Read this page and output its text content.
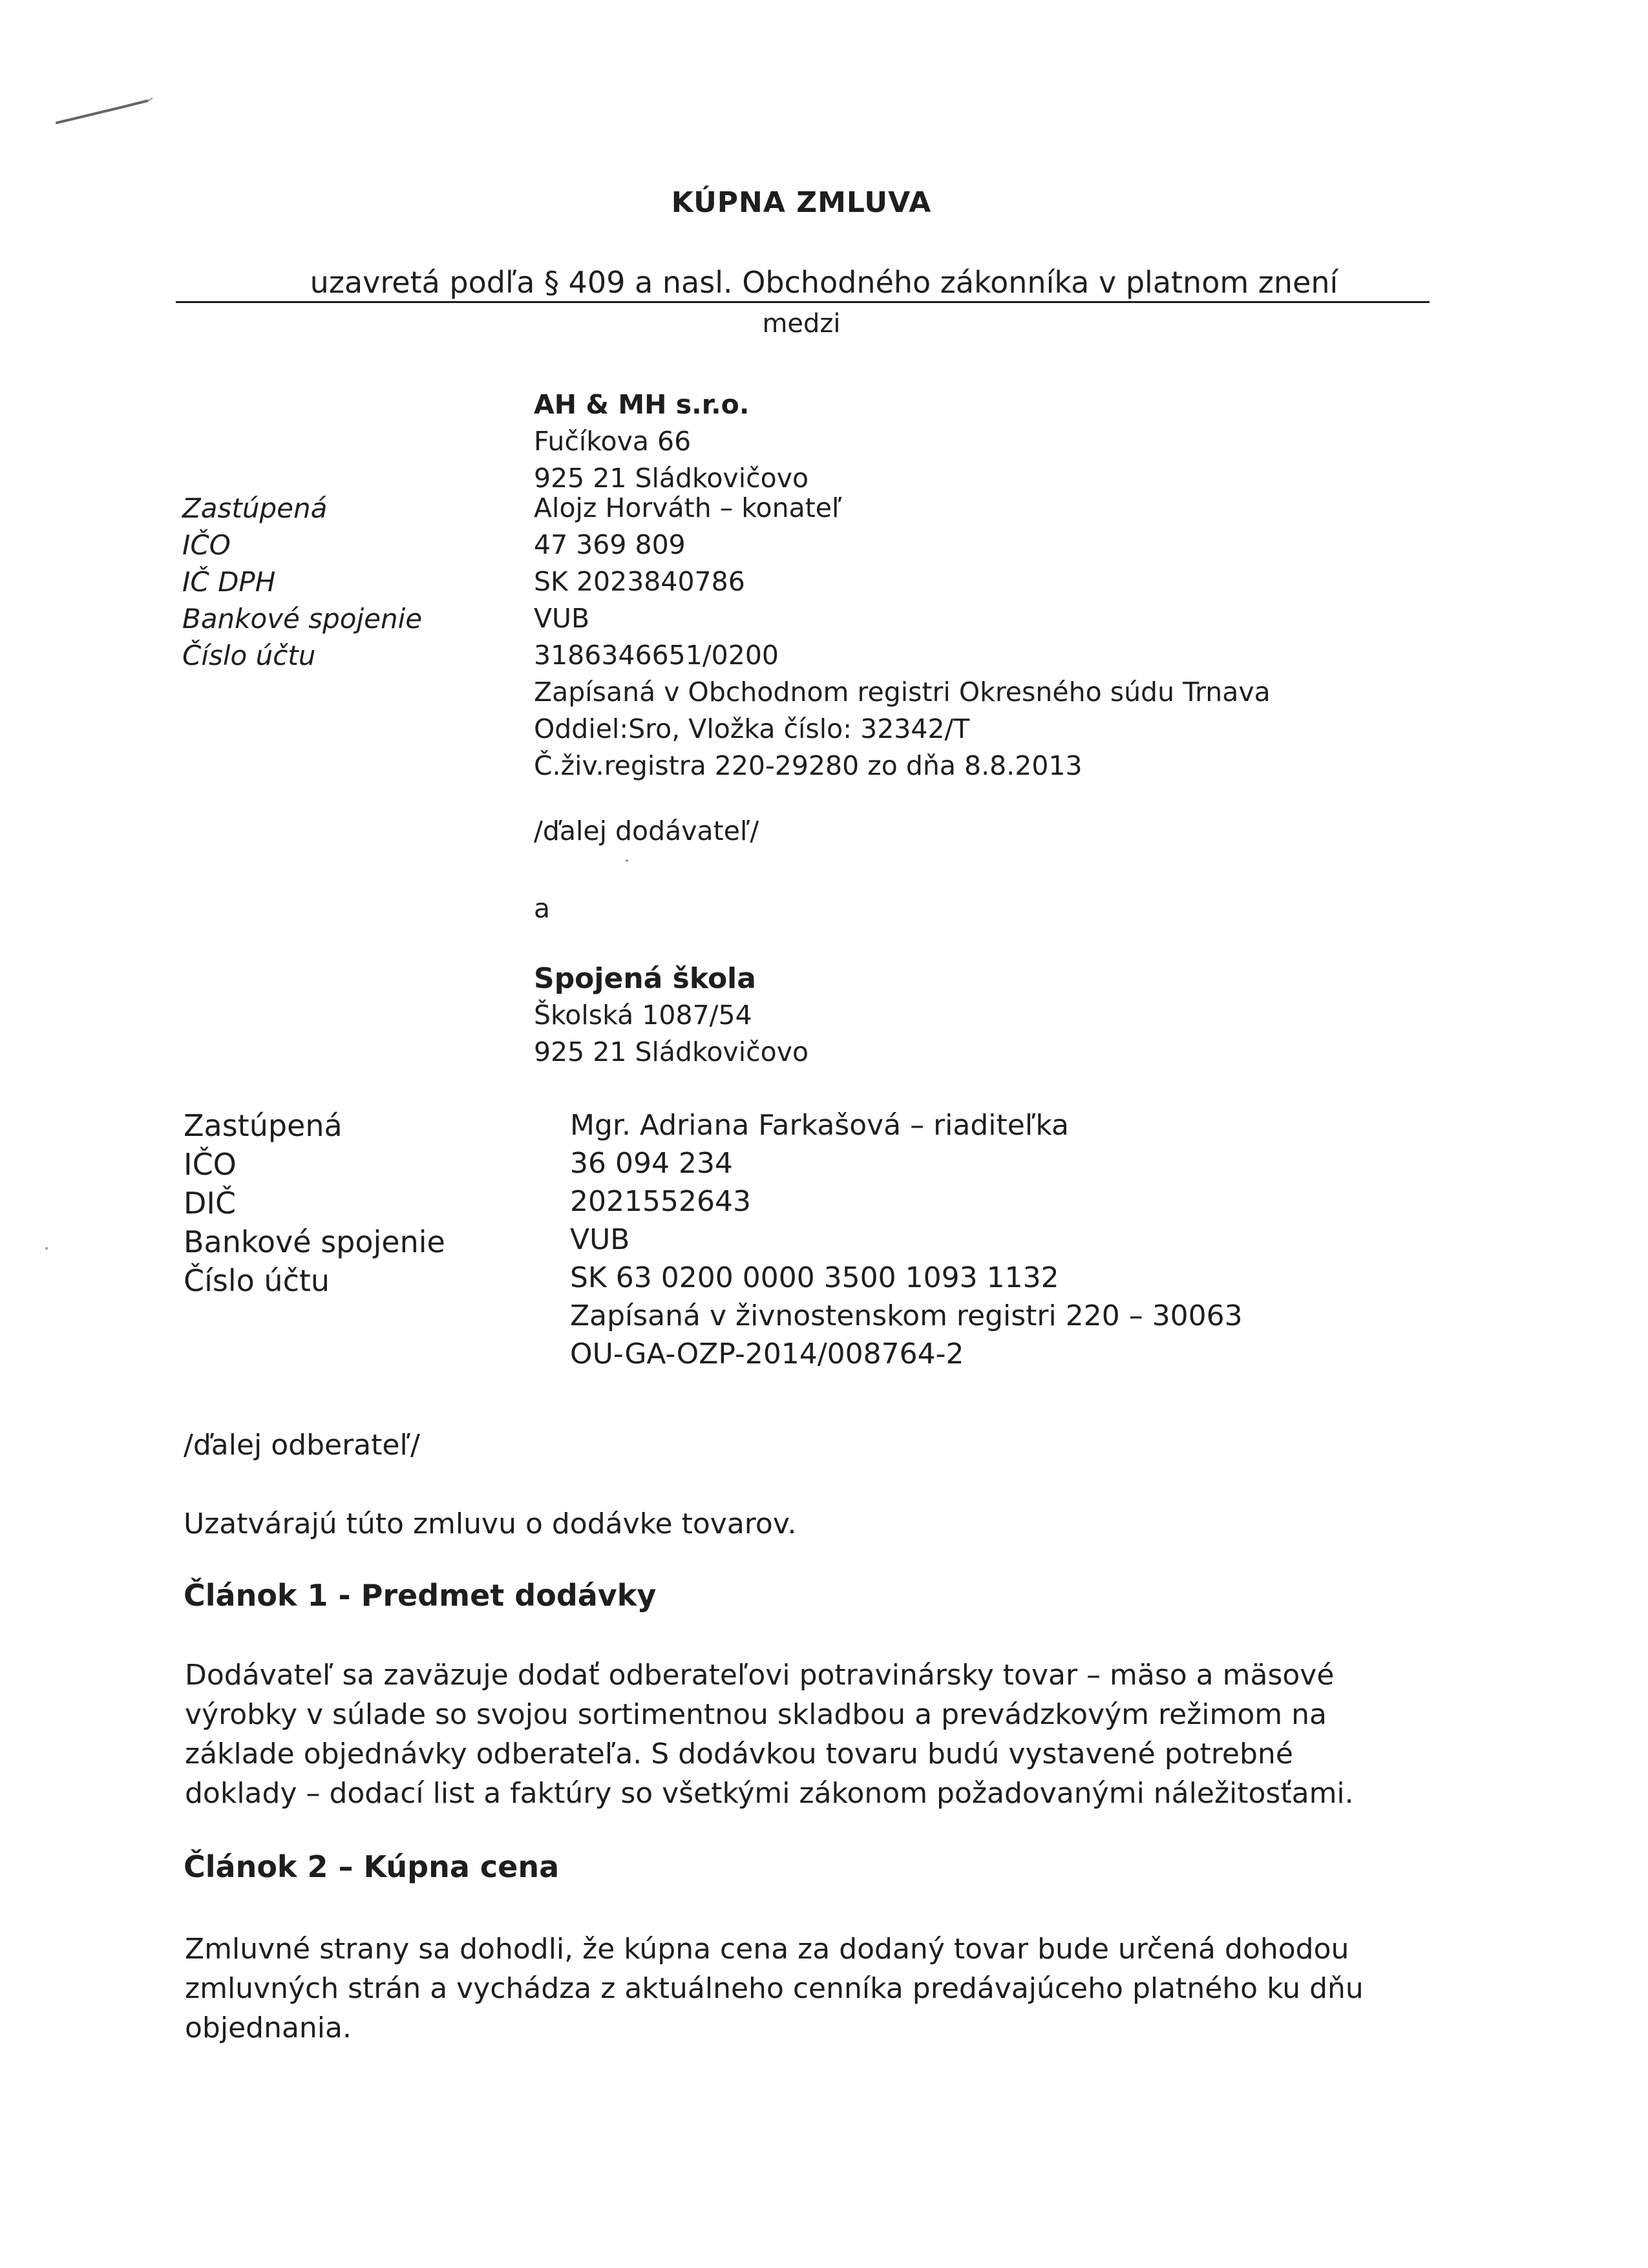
KÚPNA ZMLUVA
uzavretá podľa § 409 a nasl. Obchodného zákonníka v platnom znení
medzi
AH & MH s.r.o.
Fučíkova 66
925 21 Sládkovičovo
Zastúpená
IČO
IČ DPH
Bankové spojenie
Číslo účtu
Alojz Horváth – konateľ
47 369 809
SK 2023840786
VUB
3186346651/0200
Zapísaná v Obchodnom registri Okresného súdu Trnava
Oddiel:Sro, Vložka číslo: 32342/T
Č.živ.registra 220-29280 zo dňa 8.8.2013
/ďalej dodávateľ/
a
Spojená škola
Školská 1087/54
925 21 Sládkovičovo
Zastúpená
IČO
DIČ
Bankové spojenie
Číslo účtu
Mgr. Adriana Farkašová – riaditeľka
36 094 234
2021552643
VUB
SK 63 0200 0000 3500 1093 1132
Zapísaná v živnostenskom registri 220 – 30063
OU-GA-OZP-2014/008764-2
/ďalej odberateľ/
Uzatvárajú túto zmluvu o dodávke tovarov.
Článok 1 - Predmet dodávky
Dodávateľ sa zaväzuje dodať odberateľovi potravinársky tovar – mäso a mäsové
výrobky v súlade so svojou sortimentnou skladbou a prevádzkovým režimom na
základe objednávky odberateľa. S dodávkou tovaru budú vystavené potrebné
doklady – dodací list a faktúry so všetkými zákonom požadovanými náležitosťami.
Článok 2 – Kúpna cena
Zmluvné strany sa dohodli, že kúpna cena za dodaný tovar bude určená dohodou
zmluvných strán a vychádza z aktuálneho cenníka predávajúceho platného ku dňu
objednania.
